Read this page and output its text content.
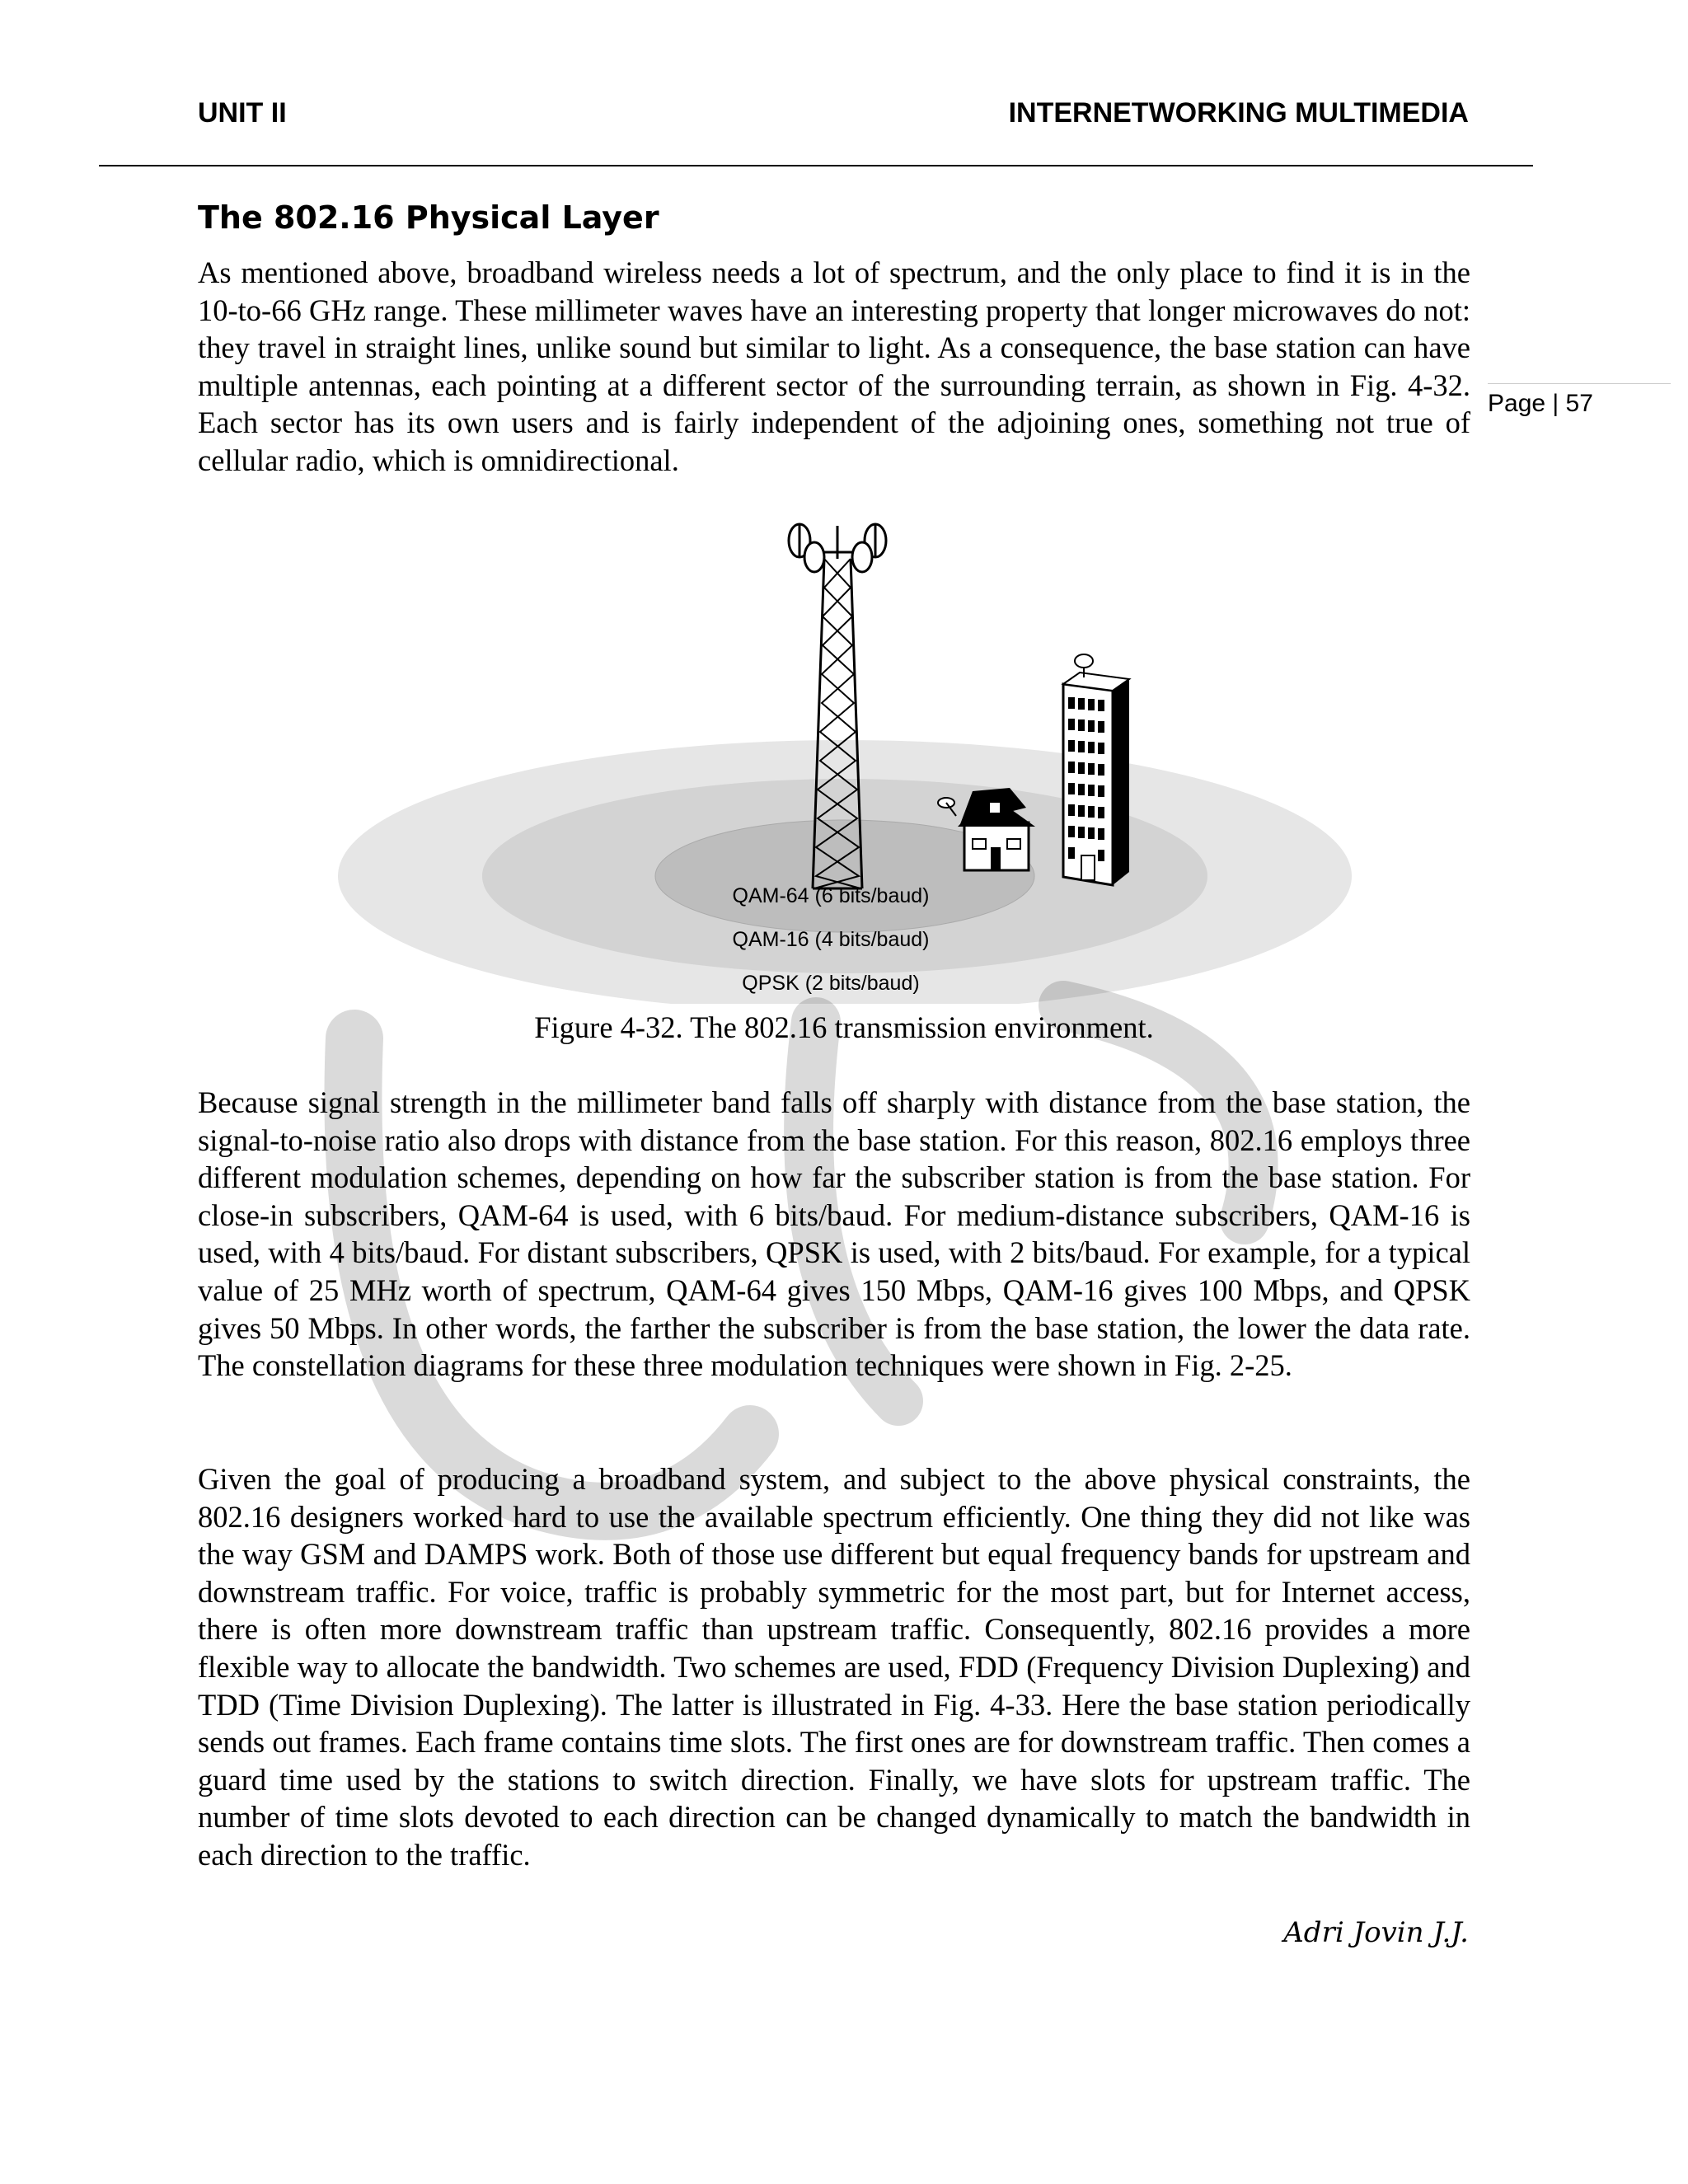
UNIT II	INTERNETWORKING MULTIMEDIA
Page | 57
The 802.16 Physical Layer
As mentioned above, broadband wireless needs a lot of spectrum, and the only place to find it is in the 10-to-66 GHz range. These millimeter waves have an interesting property that longer microwaves do not: they travel in straight lines, unlike sound but similar to light. As a consequence, the base station can have multiple antennas, each pointing at a different sector of the surrounding terrain, as shown in Fig. 4-32. Each sector has its own users and is fairly independent of the adjoining ones, something not true of cellular radio, which is omnidirectional.
QAM-64 (6 bits/baud)
QAM-16 (4 bits/baud)
QPSK (2 bits/baud)
Figure 4-32. The 802.16 transmission environment.
Because signal strength in the millimeter band falls off sharply with distance from the base station, the signal-to-noise ratio also drops with distance from the base station. For this reason, 802.16 employs three different modulation schemes, depending on how far the subscriber station is from the base station. For close-in subscribers, QAM-64 is used, with 6 bits/baud. For medium-distance subscribers, QAM-16 is used, with 4 bits/baud. For distant subscribers, QPSK is used, with 2 bits/baud. For example, for a typical value of 25 MHz worth of spectrum, QAM-64 gives 150 Mbps, QAM-16 gives 100 Mbps, and QPSK gives 50 Mbps. In other words, the farther the subscriber is from the base station, the lower the data rate. The constellation diagrams for these three modulation techniques were shown in Fig. 2-25.
Given the goal of producing a broadband system, and subject to the above physical constraints, the 802.16 designers worked hard to use the available spectrum efficiently. One thing they did not like was the way GSM and DAMPS work. Both of those use different but equal frequency bands for upstream and downstream traffic. For voice, traffic is probably symmetric for the most part, but for Internet access, there is often more downstream traffic than upstream traffic. Consequently, 802.16 provides a more flexible way to allocate the bandwidth. Two schemes are used, FDD (Frequency Division Duplexing) and TDD (Time Division Duplexing). The latter is illustrated in Fig. 4-33. Here the base station periodically sends out frames. Each frame contains time slots. The first ones are for downstream traffic. Then comes a guard time used by the stations to switch direction. Finally, we have slots for upstream traffic. The number of time slots devoted to each direction can be changed dynamically to match the bandwidth in each direction to the traffic.
Adri Jovin J.J.
